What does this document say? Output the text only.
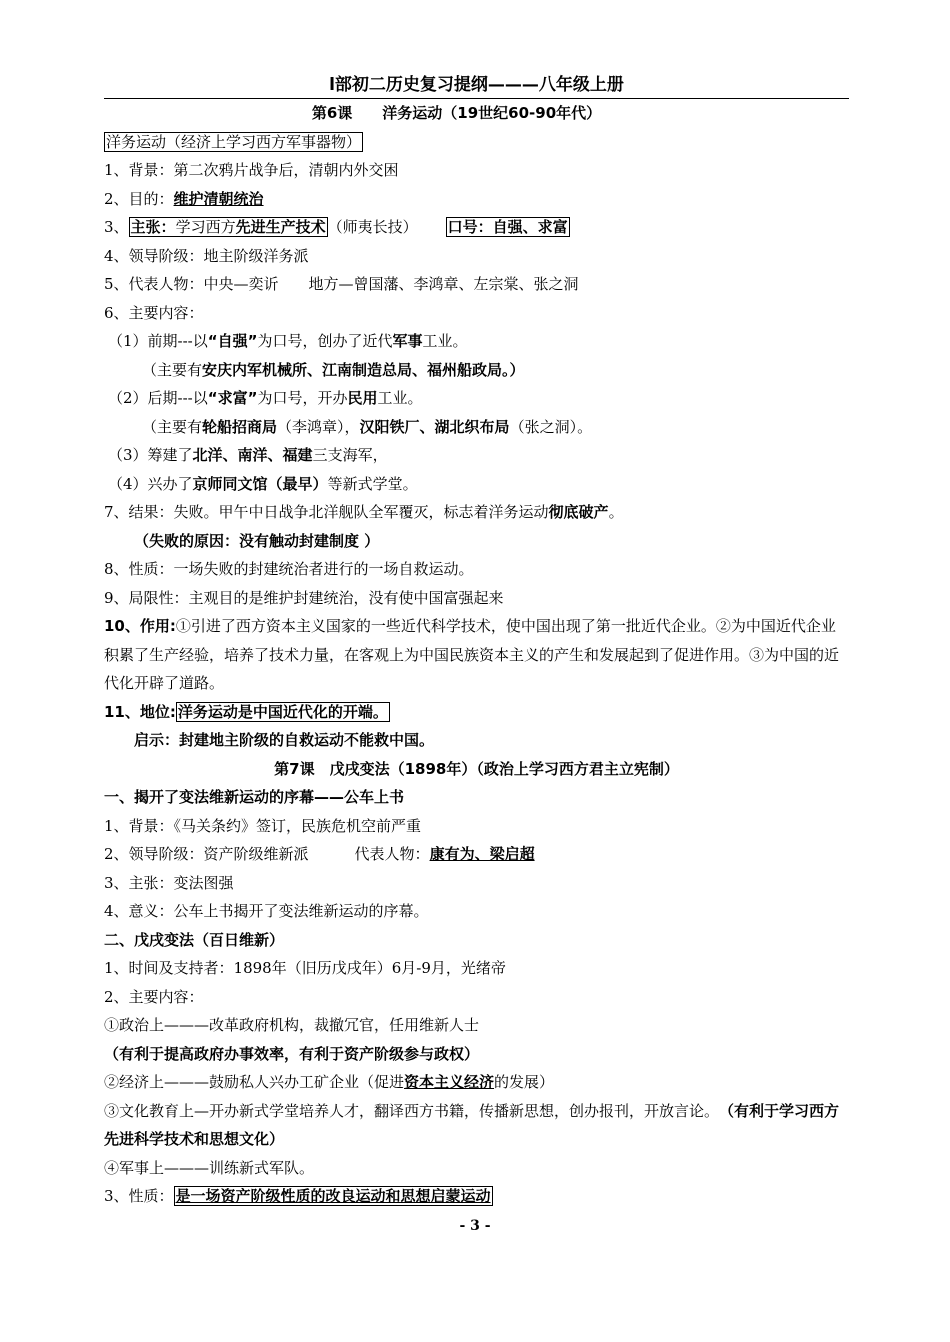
l部初二历史复习提纲———八年级上册
第6课　　洋务运动（19世纪60-90年代）
洋务运动（经济上学习西方军事器物）
1、背景：第二次鸦片战争后，清朝内外交困
2、目的：维护清朝统治
3、 主张：学习西方先进生产技术 （师夷长技） 口号：自强、求富
4、领导阶级：地主阶级洋务派
5、代表人物：中央—奕䜣　　地方—曾国藩、李鸿章、左宗棠、张之洞
6、主要内容：
（1）前期---以“自强”为口号，创办了近代军事工业。
（主要有安庆内军机械所、江南制造总局、福州船政局。）
（2）后期---以“求富”为口号，开办民用工业。
（主要有轮船招商局（李鸿章），汉阳铁厂、湖北织布局（张之洞）。
（3）筹建了北洋、南洋、福建三支海军，
（4）兴办了京师同文馆（最早）等新式学堂。
7、结果：失败。甲午中日战争北洋舰队全军覆灭，标志着洋务运动彻底破产。
（失败的原因：没有触动封建制度 ）
8、性质：一场失败的封建统治者进行的一场自救运动。
9、局限性：主观目的是维护封建统治，没有使中国富强起来
10、作用:①引进了西方资本主义国家的一些近代科学技术，使中国出现了第一批近代企业。②为中国近代企业积累了生产经验，培养了技术力量，在客观上为中国民族资本主义的产生和发展起到了促进作用。③为中国的近代化开辟了道路。
11、地位: 洋务运动是中国近代化的开端。
启示：封建地主阶级的自救运动不能救中国。
第7课　戊戌变法（1898年）（政治上学习西方君主立宪制）
一、揭开了变法维新运动的序幕——公车上书
1、背景：《马关条约》签订，民族危机空前严重
2、领导阶级：资产阶级维新派	代表人物：康有为、梁启超
3、主张：变法图强
4、意义：公车上书揭开了变法维新运动的序幕。
二、戊戌变法（百日维新）
1、时间及支持者：1898年（旧历戊戌年）6月-9月，光绪帝
2、主要内容：
①政治上———改革政府机构，裁撤冗官，任用维新人士（有利于提高政府办事效率，有利于资产阶级参与政权）
②经济上———鼓励私人兴办工矿企业（促进资本主义经济的发展）
③文化教育上—开办新式学堂培养人才，翻译西方书籍，传播新思想，创办报刊，开放言论。　（有利于学习西方先进科学技术和思想文化）
④军事上———训练新式军队。
3、性质： 是一场资产阶级性质的改良运动和思想启蒙运动
- 3 -
